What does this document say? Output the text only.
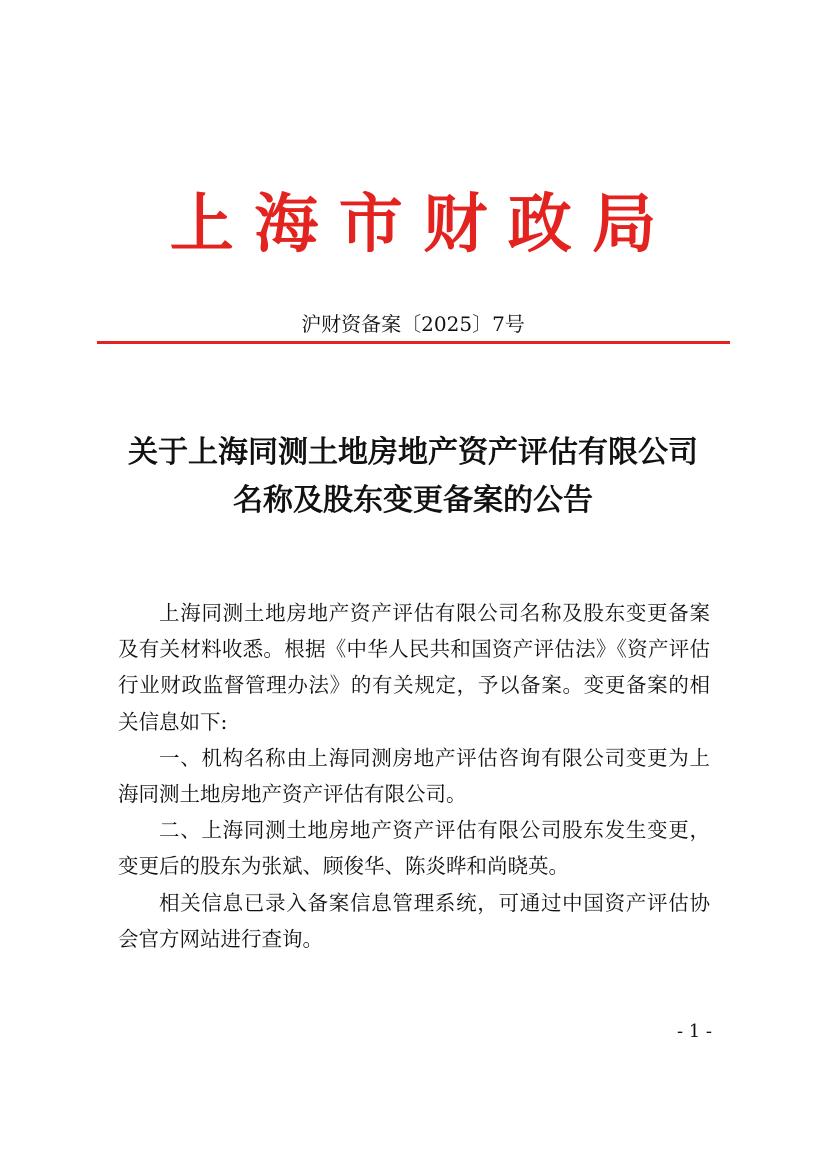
上海市财政局
沪财资备案〔2025〕7号
关于上海同测土地房地产资产评估有限公司
名称及股东变更备案的公告

上海同测土地房地产资产评估有限公司名称及股东变更备案及有关材料收悉。根据《中华人民共和国资产评估法》《资产评估行业财政监督管理办法》的有关规定，予以备案。变更备案的相关信息如下:

一、机构名称由上海同测房地产评估咨询有限公司变更为上海同测土地房地产资产评估有限公司。

二、上海同测土地房地产资产评估有限公司股东发生变更，变更后的股东为张斌、顾俊华、陈炎晔和尚晓英。

相关信息已录入备案信息管理系统，可通过中国资产评估协会官方网站进行查询。

- 1 -
